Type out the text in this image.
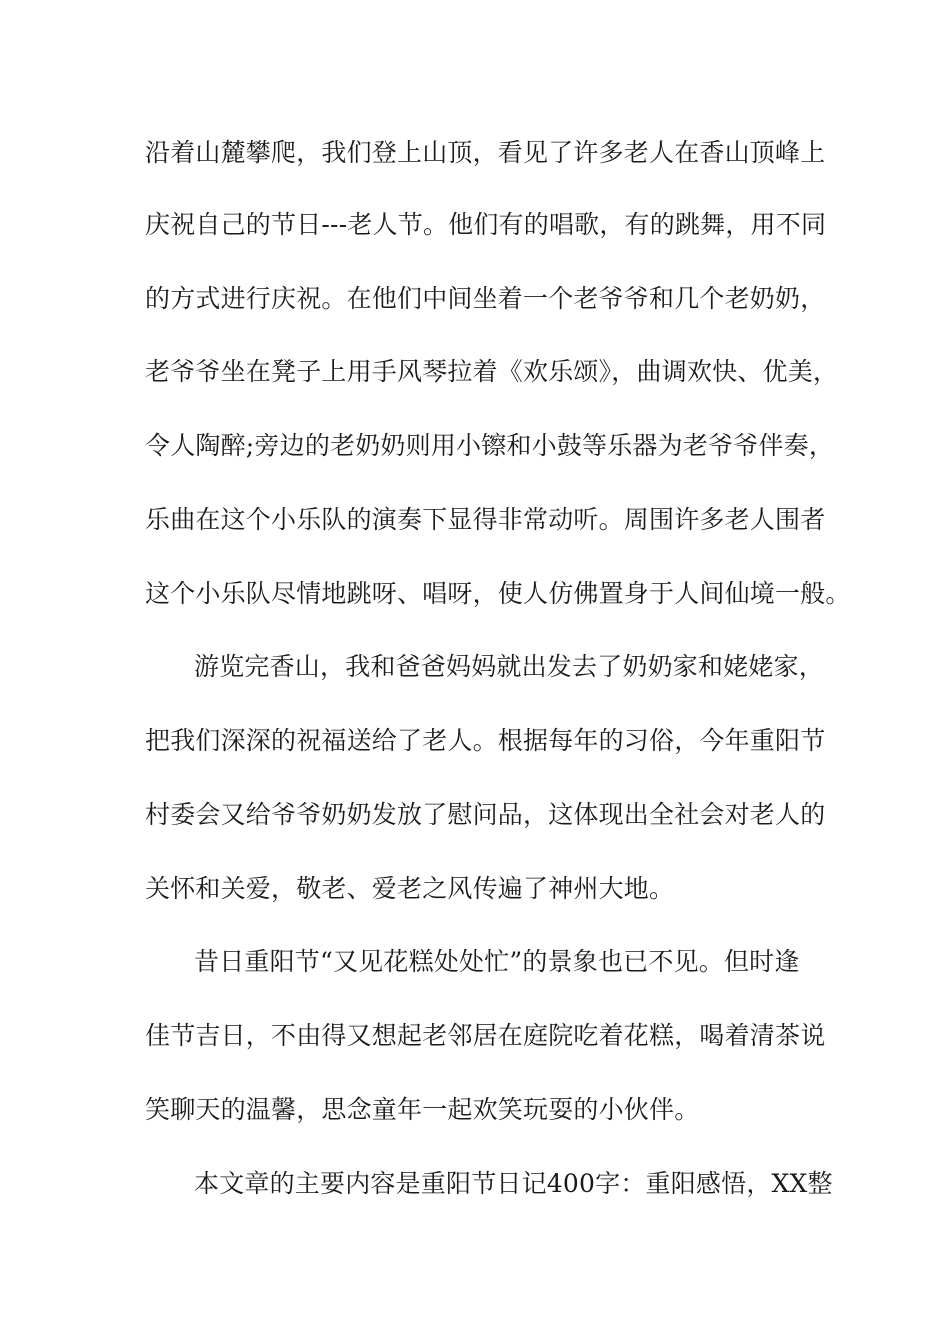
沿着山麓攀爬，我们登上山顶，看见了许多老人在香山顶峰上
庆祝自己的节日---老人节。他们有的唱歌，有的跳舞，用不同
的方式进行庆祝。在他们中间坐着一个老爷爷和几个老奶奶，
老爷爷坐在凳子上用手风琴拉着《欢乐颂》，曲调欢快、优美，
令人陶醉;旁边的老奶奶则用小镲和小鼓等乐器为老爷爷伴奏，
乐曲在这个小乐队的演奏下显得非常动听。周围许多老人围者
这个小乐队尽情地跳呀、唱呀，使人仿佛置身于人间仙境一般。
游览完香山，我和爸爸妈妈就出发去了奶奶家和姥姥家，
把我们深深的祝福送给了老人。根据每年的习俗，今年重阳节
村委会又给爷爷奶奶发放了慰问品，这体现出全社会对老人的
关怀和关爱，敬老、爱老之风传遍了神州大地。
昔日重阳节“又见花糕处处忙”的景象也已不见。但时逢
佳节吉日，不由得又想起老邻居在庭院吃着花糕，喝着清茶说
笑聊天的温馨，思念童年一起欢笑玩耍的小伙伴。
本文章的主要内容是重阳节日记400字：重阳感悟，XX整
